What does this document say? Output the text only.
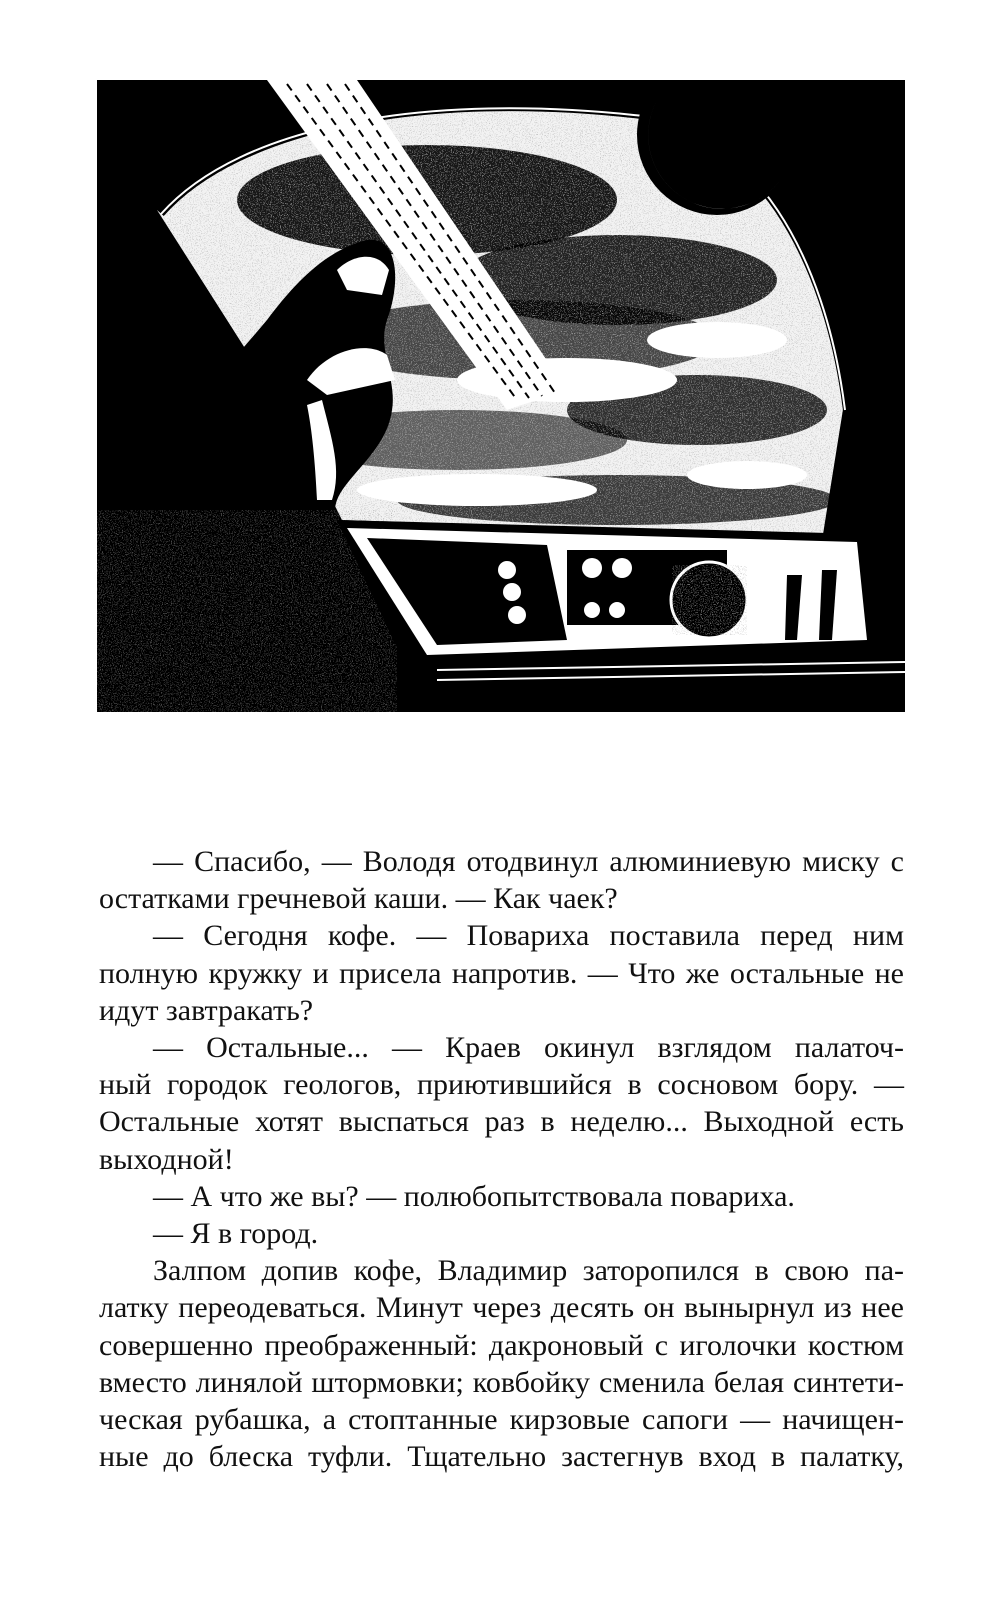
— Спасибо, — Володя отодвинул алюминиевую миску с

остатками гречневой каши. — Как чаек?

— Сегодня кофе. — Повариха поставила перед ним

полную кружку и присела напротив. — Что же остальные не

идут завтракать?

— Остальные... — Краев окинул взглядом палаточ-

ный городок геологов, приютившийся в сосновом бору. —

Остальные хотят выспаться раз в неделю... Выходной есть

выходной!

— А что же вы? — полюбопытствовала повариха.

— Я в город.

Залпом допив кофе, Владимир заторопился в свою па-

латку переодеваться. Минут через десять он вынырнул из нее

совершенно преображенный: дакроновый с иголочки костюм

вместо линялой штормовки; ковбойку сменила белая синтети-

ческая рубашка, а стоптанные кирзовые сапоги — начищен-

ные до блеска туфли. Тщательно застегнув вход в палатку,
